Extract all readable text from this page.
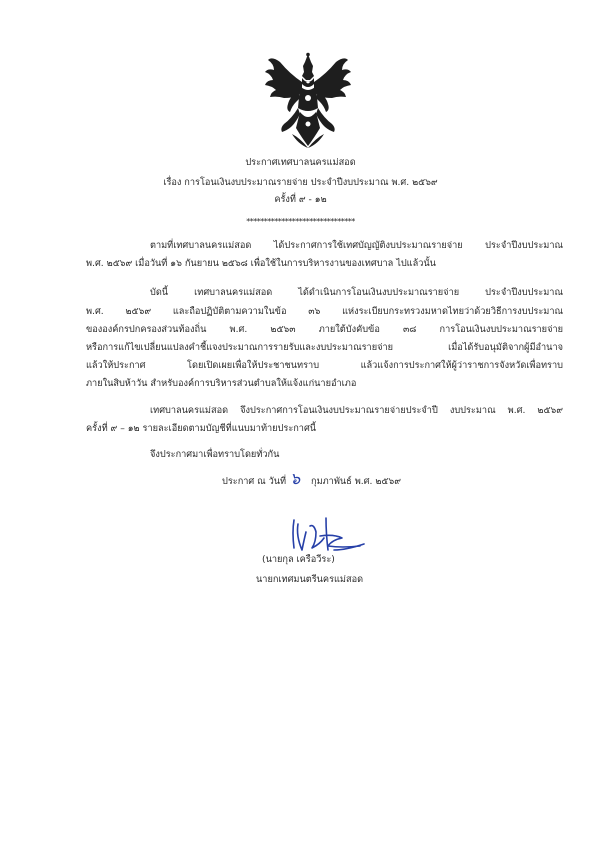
ประกาศเทศบาลนครแม่สอด
เรื่อง การโอนเงินงบประมาณรายจ่าย ประจำปีงบประมาณ พ.ศ. ๒๕๖๙
ครั้งที่ ๙ - ๑๒
*******************************
ตามที่เทศบาลนครแม่สอด ได้ประกาศการใช้เทศบัญญัติงบประมาณรายจ่าย ประจำปีงบประมาณ
พ.ศ. ๒๕๖๙ เมื่อวันที่ ๑๖ กันยายน ๒๕๖๘ เพื่อใช้ในการบริหารงานของเทศบาล ไปแล้วนั้น
บัดนี้ เทศบาลนครแม่สอด ได้ดำเนินการโอนเงินงบประมาณรายจ่าย ประจำปีงบประมาณ
พ.ศ. ๒๕๖๙ และถือปฏิบัติตามความในข้อ ๓๖ แห่งระเบียบกระทรวงมหาดไทยว่าด้วยวิธีการงบประมาณ
ขององค์กรปกครองส่วนท้องถิ่น พ.ศ. ๒๕๖๓ ภายใต้บังคับข้อ ๓๘ การโอนเงินงบประมาณรายจ่าย
หรือการแก้ไขเปลี่ยนแปลงคำชี้แจงประมาณการรายรับและงบประมาณรายจ่าย เมื่อได้รับอนุมัติจากผู้มีอำนาจ
แล้วให้ประกาศ โดยเปิดเผยเพื่อให้ประชาชนทราบ แล้วแจ้งการประกาศให้ผู้ว่าราชการจังหวัดเพื่อทราบ
ภายในสิบห้าวัน สำหรับองค์การบริหารส่วนตำบลให้แจ้งแก่นายอำเภอ
เทศบาลนครแม่สอด จึงประกาศการโอนเงินงบประมาณรายจ่ายประจำปี งบประมาณ พ.ศ. ๒๕๖๙
ครั้งที่ ๙ – ๑๒ รายละเอียดตามบัญชีที่แนบมาท้ายประกาศนี้
จึงประกาศมาเพื่อทราบโดยทั่วกัน
ประกาศ ณ วันที่ ๖ กุมภาพันธ์ พ.ศ. ๒๕๖๙
(นายกุล เครือวีระ)
นายกเทศมนตรีนครแม่สอด
